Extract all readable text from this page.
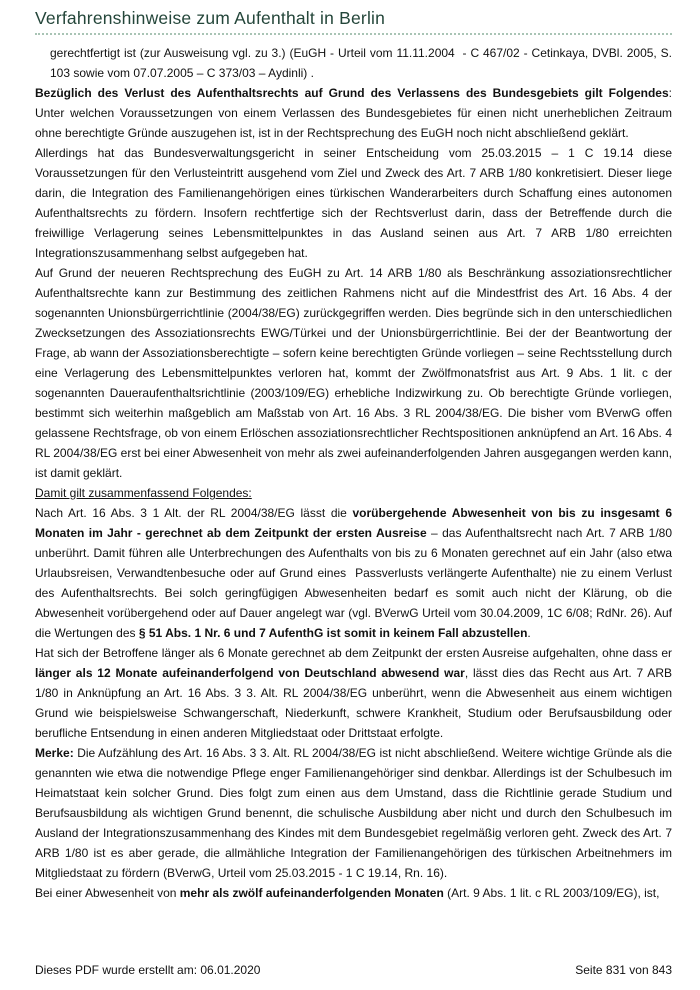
Verfahrenshinweise zum Aufenthalt in Berlin

gerechtfertigt ist (zur Ausweisung vgl. zu 3.) (EuGH - Urteil vom 11.11.2004  - C 467/02 - Cetinkaya, DVBl. 2005, S. 103 sowie vom 07.07.2005 – C 373/03 – Aydinli) .

Bezüglich des Verlust des Aufenthaltsrechts auf Grund des Verlassens des Bundesgebiets gilt Folgendes: Unter welchen Voraussetzungen von einem Verlassen des Bundesgebietes für einen nicht unerheblichen Zeitraum ohne berechtigte Gründe auszugehen ist, ist in der Rechtsprechung des EuGH noch nicht abschließend geklärt.

Allerdings hat das Bundesverwaltungsgericht in seiner Entscheidung vom 25.03.2015 – 1 C 19.14 diese Voraussetzungen für den Verlusteintritt ausgehend vom Ziel und Zweck des Art. 7 ARB 1/80 konkretisiert. Dieser liege darin, die Integration des Familienangehörigen eines türkischen Wanderarbeiters durch Schaffung eines autonomen Aufenthaltsrechts zu fördern. Insofern rechtfertige sich der Rechtsverlust darin, dass der Betreffende durch die freiwillige Verlagerung seines Lebensmittelpunktes in das Ausland seinen aus Art. 7 ARB 1/80 erreichten Integrationszusammenhang selbst aufgegeben hat.

Auf Grund der neueren Rechtsprechung des EuGH zu Art. 14 ARB 1/80 als Beschränkung assoziationsrechtlicher Aufenthaltsrechte kann zur Bestimmung des zeitlichen Rahmens nicht auf die Mindestfrist des Art. 16 Abs. 4 der sogenannten Unionsbürgerrichtlinie (2004/38/EG) zurückgegriffen werden. Dies begründe sich in den unterschiedlichen Zwecksetzungen des Assoziationsrechts EWG/Türkei und der Unionsbürgerrichtlinie. Bei der der Beantwortung der Frage, ab wann der Assoziationsberechtigte – sofern keine berechtigten Gründe vorliegen – seine Rechtsstellung durch eine Verlagerung des Lebensmittelpunktes verloren hat, kommt der Zwölfmonatsfrist aus Art. 9 Abs. 1 lit. c der sogenannten Daueraufenthaltsrichtlinie (2003/109/EG) erhebliche Indizwirkung zu. Ob berechtigte Gründe vorliegen, bestimmt sich weiterhin maßgeblich am Maßstab von Art. 16 Abs. 3 RL 2004/38/EG. Die bisher vom BVerwG offen gelassene Rechtsfrage, ob von einem Erlöschen assoziationsrechtlicher Rechtspositionen anknüpfend an Art. 16 Abs. 4 RL 2004/38/EG erst bei einer Abwesenheit von mehr als zwei aufeinanderfolgenden Jahren ausgegangen werden kann, ist damit geklärt.

Damit gilt zusammenfassend Folgendes:

Nach Art. 16 Abs. 3 1 Alt. der RL 2004/38/EG lässt die vorübergehende Abwesenheit von bis zu insgesamt 6 Monaten im Jahr - gerechnet ab dem Zeitpunkt der ersten Ausreise – das Aufenthaltsrecht nach Art. 7 ARB 1/80 unberührt. Damit führen alle Unterbrechungen des Aufenthalts von bis zu 6 Monaten gerechnet auf ein Jahr (also etwa Urlaubsreisen, Verwandtenbesuche oder auf Grund eines  Passverlusts verlängerte Aufenthalte) nie zu einem Verlust des Aufenthaltsrechts. Bei solch geringfügigen Abwesenheiten bedarf es somit auch nicht der Klärung, ob die Abwesenheit vorübergehend oder auf Dauer angelegt war (vgl. BVerwG Urteil vom 30.04.2009, 1C 6/08; RdNr. 26). Auf die Wertungen des § 51 Abs. 1 Nr. 6 und 7 AufenthG ist somit in keinem Fall abzustellen.

Hat sich der Betroffene länger als 6 Monate gerechnet ab dem Zeitpunkt der ersten Ausreise aufgehalten, ohne dass er länger als 12 Monate aufeinanderfolgend von Deutschland abwesend war, lässt dies das Recht aus Art. 7 ARB 1/80 in Anknüpfung an Art. 16 Abs. 3 3. Alt. RL 2004/38/EG unberührt, wenn die Abwesenheit aus einem wichtigen Grund wie beispielsweise Schwangerschaft, Niederkunft, schwere Krankheit, Studium oder Berufsausbildung oder berufliche Entsendung in einen anderen Mitgliedstaat oder Drittstaat erfolgte.

Merke: Die Aufzählung des Art. 16 Abs. 3 3. Alt. RL 2004/38/EG ist nicht abschließend. Weitere wichtige Gründe als die genannten wie etwa die notwendige Pflege enger Familienangehöriger sind denkbar. Allerdings ist der Schulbesuch im Heimatstaat kein solcher Grund. Dies folgt zum einen aus dem Umstand, dass die Richtlinie gerade Studium und Berufsausbildung als wichtigen Grund benennt, die schulische Ausbildung aber nicht und durch den Schulbesuch im Ausland der Integrationszusammenhang des Kindes mit dem Bundesgebiet regelmäßig verloren geht. Zweck des Art. 7 ARB 1/80 ist es aber gerade, die allmähliche Integration der Familienangehörigen des türkischen Arbeitnehmers im Mitgliedstaat zu fördern (BVerwG, Urteil vom 25.03.2015 - 1 C 19.14, Rn. 16).

Bei einer Abwesenheit von mehr als zwölf aufeinanderfolgenden Monaten (Art. 9 Abs. 1 lit. c RL 2003/109/EG), ist,

Dieses PDF wurde erstellt am: 06.01.2020	Seite 831 von 843
